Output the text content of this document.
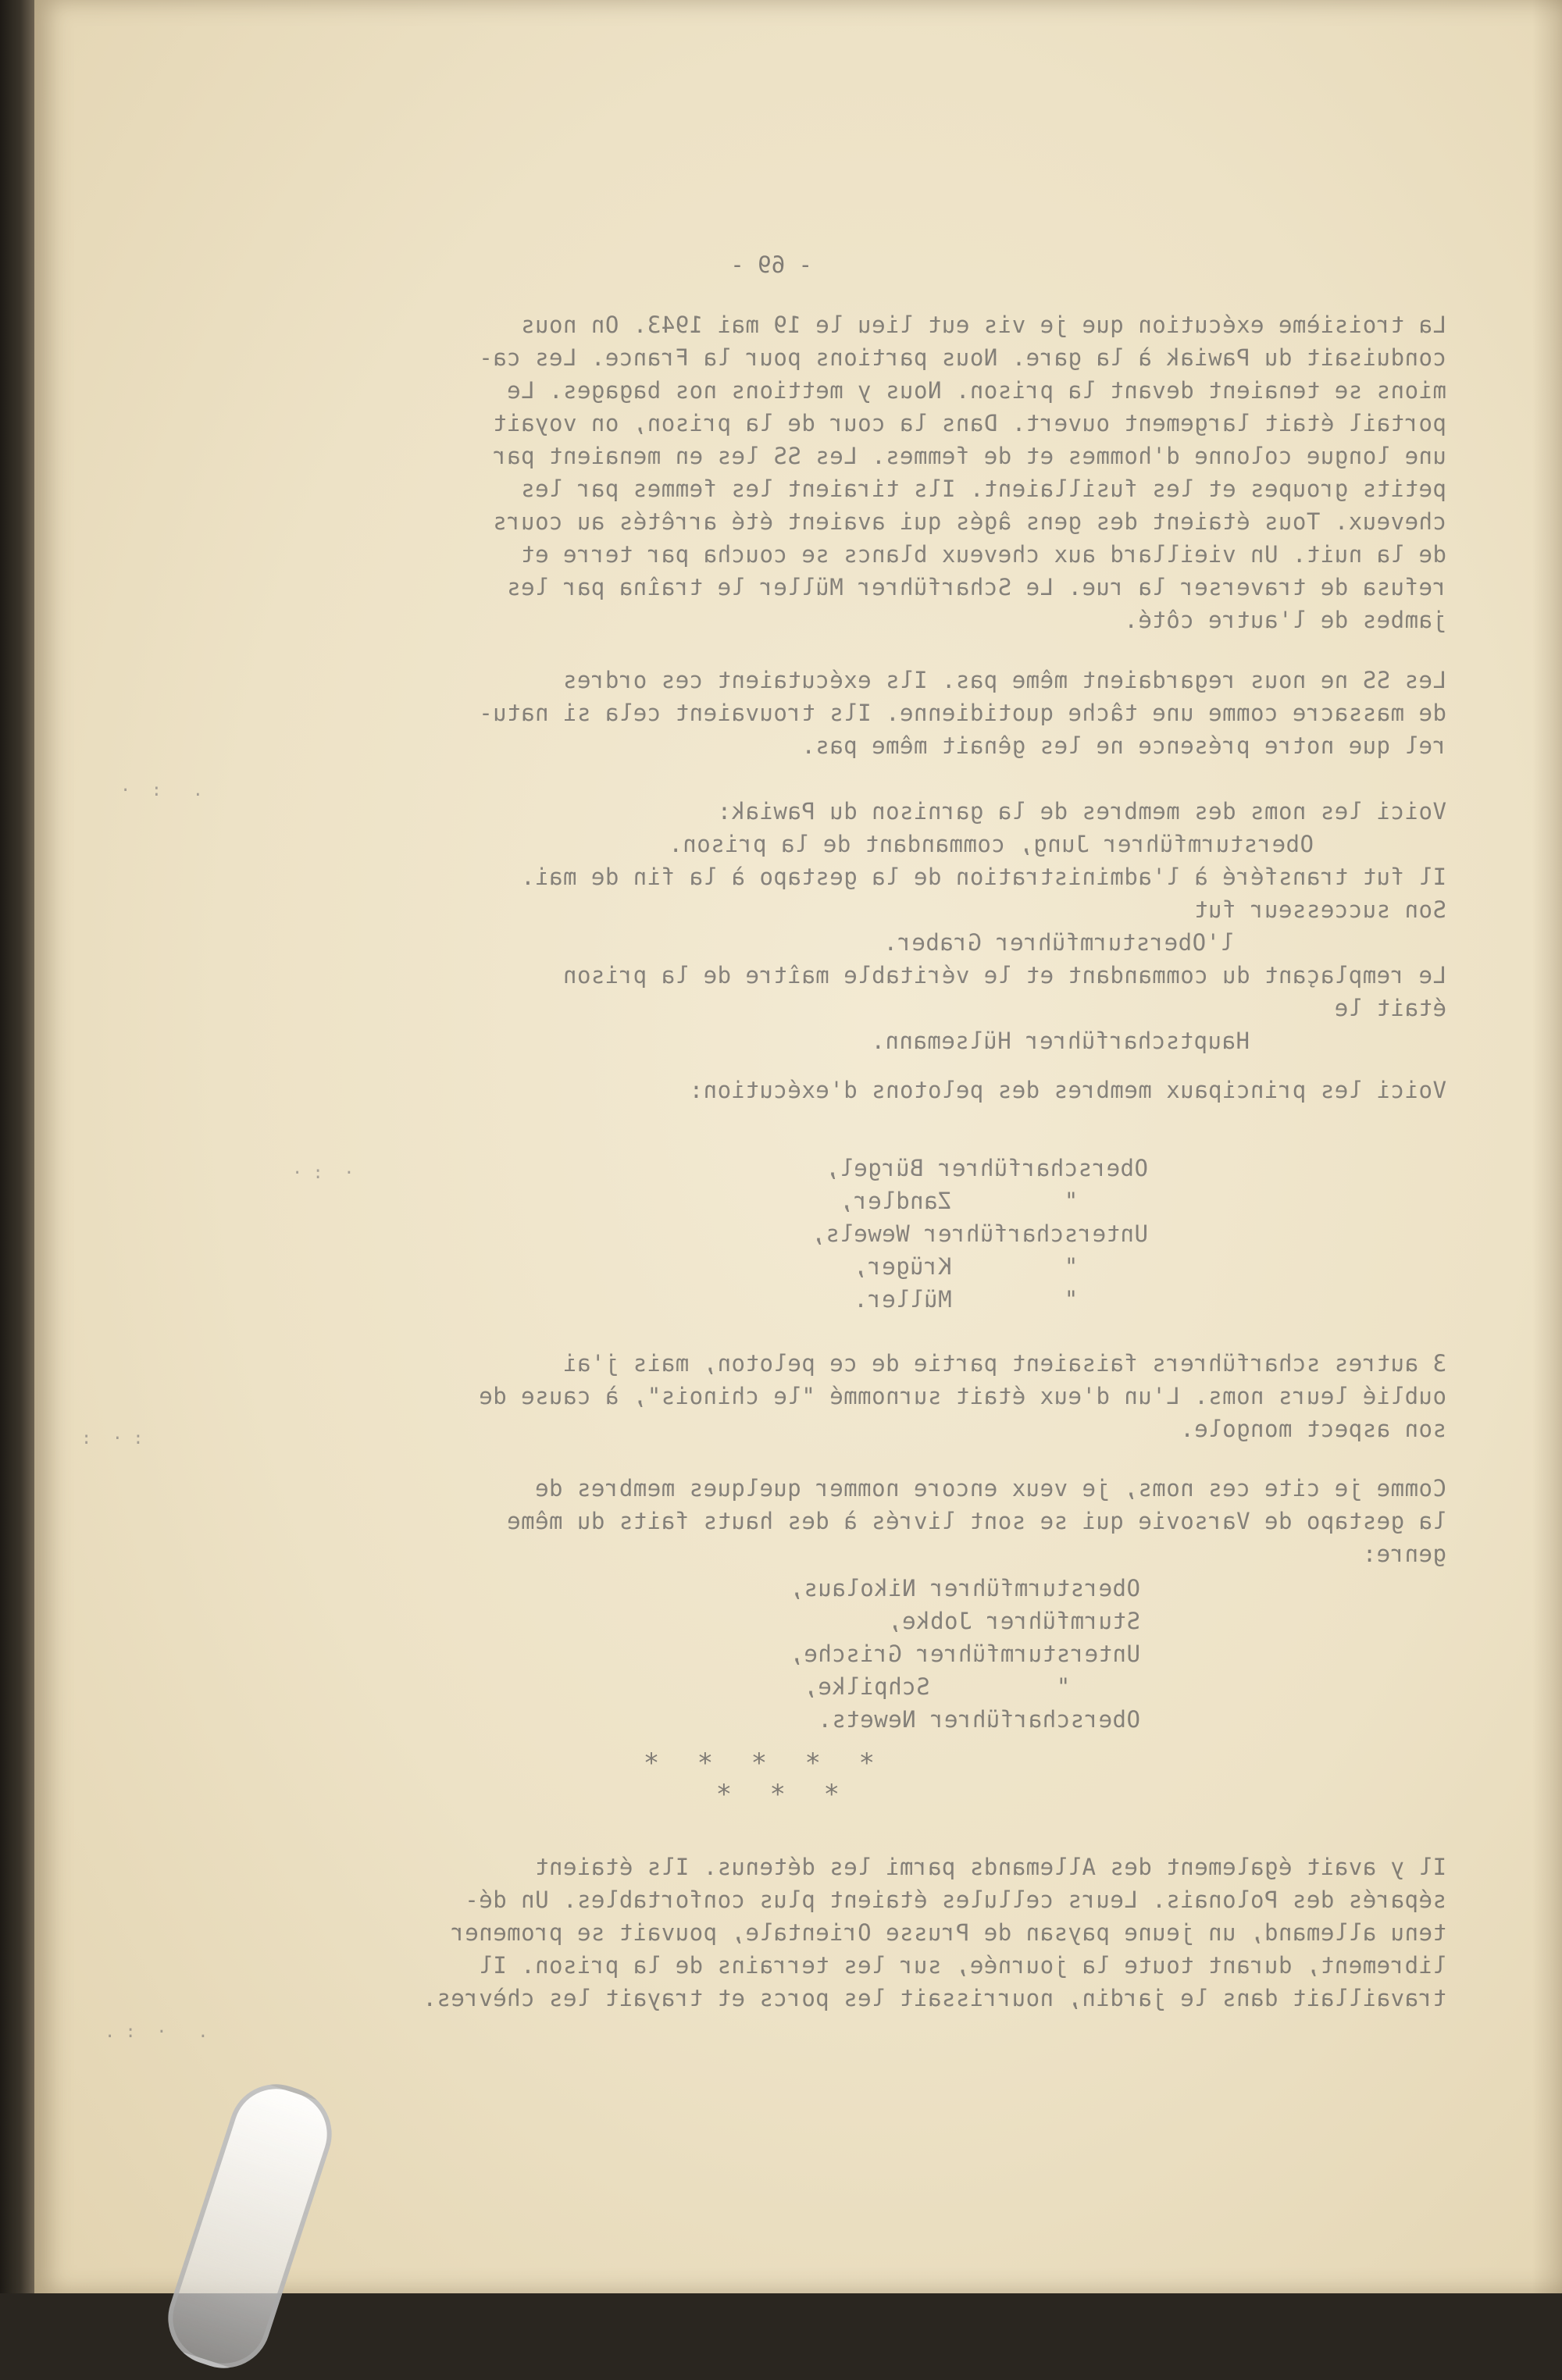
- 69 -
La troisième exécution que je vis eut lieu le 19 mai 1943. On nous
conduisait du Pawiak à la gare. Nous partions pour la France. Les ca-
mions se tenaient devant la prison. Nous y mettions nos bagages. Le
portail était largement ouvert. Dans la cour de la prison, on voyait
une longue colonne d'hommes et de femmes. Les SS les en menaient par
petits groupes et les fusillaient. Ils tiraient les femmes par les
cheveux. Tous étaient des gens âgés qui avaient été arrêtés au cours
de la nuit. Un vieillard aux cheveux blancs se coucha par terre et
refusa de traverser la rue. Le Scharführer Müller le traîna par les
jambes de l'autre côté.
Les SS ne nous regardaient même pas. Ils exécutaient ces ordres
de massacre comme une tâche quotidienne. Ils trouvaient cela si natu-
rel que notre présence ne les gênait même pas.
Voici les noms des membres de la garnison du Pawiak:
Obersturmführer Jung, commandant de la prison.
Il fut transféré à l'administration de la gestapo à la fin de mai.
Son successeur fut
l'Obersturmführer Graber.
Le remplaçant du commandant et le véritable maître de la prison
était le
Hauptscharführer Hülsemann.
Voici les principaux membres des pelotons d'exécution:
Oberscharführer Bürgel,
"        Zandler,
Unterscharführer Wewels,
"        Krüger,
"        Müller.
3 autres scharführers faisaient partie de ce peloton, mais j'ai
oublié leurs noms. L'un d'eux était surnommé "le chinois", à cause de
son aspect mongole.
Comme je cite ces noms, je veux encore nommer quelques membres de
la gestapo de Varsovie qui se sont livrés à des hauts faits du même
genre:
Obersturmführer Nikolaus,
Sturmführer Jobke,
Untersturmführer Grische,
"         Schpilke,
Oberscharführer Newets.
* * * * *
* * *
Il y avait également des Allemands parmi les détenus. Ils étaient
séparés des Polonais. Leurs cellules étaient plus confortables. Un dé-
tenu allemand, un jeune paysan de Prusse Orientale, pouvait se promener
librement, durant toute la journée, sur les terrains de la prison. Il
travaillait dans le jardin, nourrissait les porcs et trayait les chèvres.
·  :   .
· :  ·
:  · :
. :  ·   .
